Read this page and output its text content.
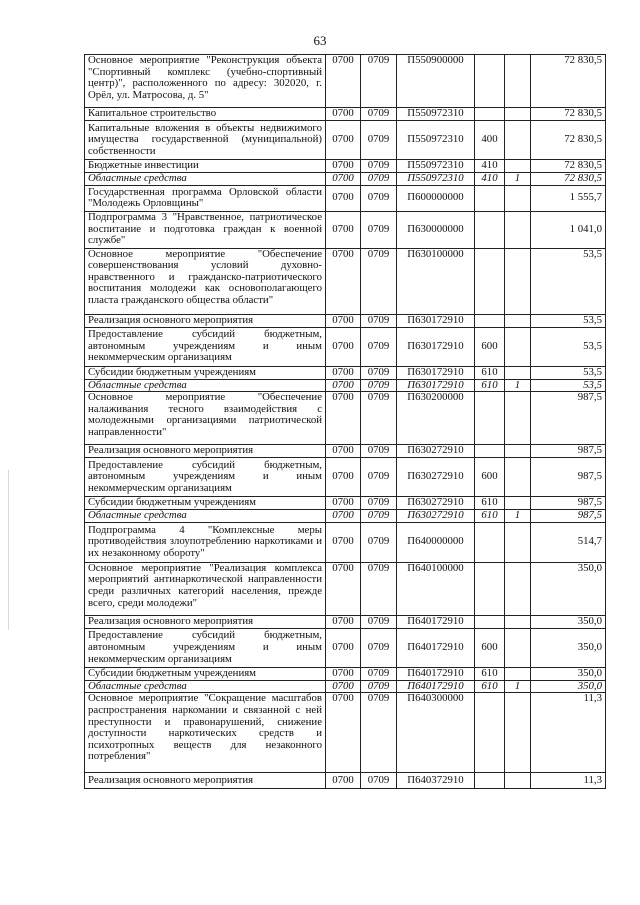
63
Основное мероприятие "Реконструкция объекта "Спортивный комплекс (учебно-спортивный центр)", расположенного по адресу: 302020, г. Орёл, ул. Матросова, д. 5"	0700	0709	П550900000			72 830,5
Капитальное строительство	0700	0709	П550972310			72 830,5
Капитальные вложения в объекты недвижимого имущества государственной (муниципальной) собственности	0700	0709	П550972310	400		72 830,5
Бюджетные инвестиции	0700	0709	П550972310	410		72 830,5
Областные средства	0700	0709	П550972310	410	1	72 830,5
Государственная программа Орловской области "Молодежь Орловщины"	0700	0709	П600000000			1 555,7
Подпрограмма 3 "Нравственное, патриотическое воспитание и подготовка граждан к военной службе"	0700	0709	П630000000			1 041,0
Основное мероприятие "Обеспечение совершенствования условий духовно-нравственного и гражданско-патриотического воспитания молодежи как основополагающего пласта гражданского общества области"	0700	0709	П630100000			53,5
Реализация основного мероприятия	0700	0709	П630172910			53,5
Предоставление субсидий бюджетным, автономным учреждениям и иным некоммерческим организациям	0700	0709	П630172910	600		53,5
Субсидии бюджетным учреждениям	0700	0709	П630172910	610		53,5
Областные средства	0700	0709	П630172910	610	1	53,5
Основное мероприятие "Обеспечение налаживания тесного взаимодействия с молодежными организациями патриотической направленности"	0700	0709	П630200000			987,5
Реализация основного мероприятия	0700	0709	П630272910			987,5
Предоставление субсидий бюджетным, автономным учреждениям и иным некоммерческим организациям	0700	0709	П630272910	600		987,5
Субсидии бюджетным учреждениям	0700	0709	П630272910	610		987,5
Областные средства	0700	0709	П630272910	610	1	987,5
Подпрограмма 4 "Комплексные меры противодействия злоупотреблению наркотиками и их незаконному обороту"	0700	0709	П640000000			514,7
Основное мероприятие "Реализация комплекса мероприятий антинаркотической направленности среди различных категорий населения, прежде всего, среди молодежи"	0700	0709	П640100000			350,0
Реализация основного мероприятия	0700	0709	П640172910			350,0
Предоставление субсидий бюджетным, автономным учреждениям и иным некоммерческим организациям	0700	0709	П640172910	600		350,0
Субсидии бюджетным учреждениям	0700	0709	П640172910	610		350,0
Областные средства	0700	0709	П640172910	610	1	350,0
Основное мероприятие "Сокращение масштабов распространения наркомании и связанной с ней преступности и правонарушений, снижение доступности наркотических средств и психотропных веществ для незаконного потребления"	0700	0709	П640300000			11,3
Реализация основного мероприятия	0700	0709	П640372910			11,3
